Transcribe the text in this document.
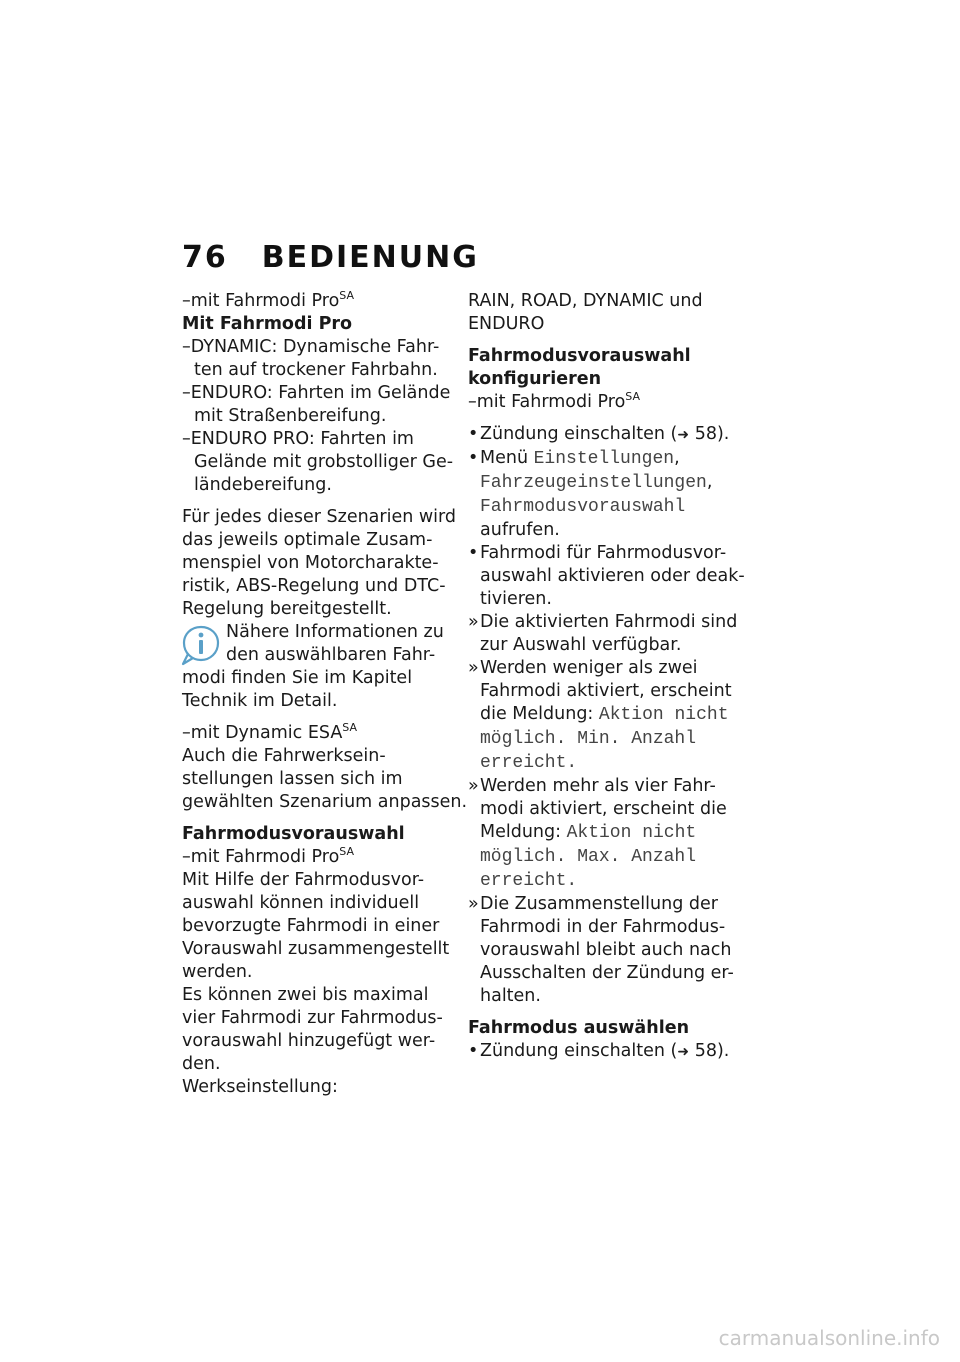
76 BEDIENUNG
–mit Fahrmodi Pro$^{SA}$
Mit Fahrmodi Pro
–DYNAMIC: Dynamische Fahr-
ten auf trockener Fahrbahn.
–ENDURO: Fahrten im Gelände
mit Straßenbereifung.
–ENDURO PRO: Fahrten im
Gelände mit grobstolliger Ge-
ländebereifung.
Für jedes dieser Szenarien wird
das jeweils optimale Zusam-
menspiel von Motorcharakte-
ristik, ABS-Regelung und DTC-
Regelung bereitgestellt.
Nähere Informationen zu
den auswählbaren Fahr-
modi finden Sie im Kapitel
Technik im Detail.
–mit Dynamic $ESA^{SA}$
Auch die Fahrwerksein-
stellungen lassen sich im
gewählten Szenarium anpassen.
Fahrmodusvorauswahl
–mit Fahrmodi Pro$^{SA}$
Mit Hilfe der Fahrmodusvor-
auswahl können individuell
bevorzugte Fahrmodi in einer
Vorauswahl zusammengestellt
werden.
Es können zwei bis maximal
vier Fahrmodi zur Fahrmodus-
vorauswahl hinzugefügt wer-
den.
Werkseinstellung:
RAIN, ROAD, DYNAMIC und
ENDURO
Fahrmodusvorauswahl
konfigurieren
–mit Fahrmodi Pro$^{SA}$
• Zündung einschalten (➜ 58).
• Menü Einstellungen,
Fahrzeugeinstellungen,
Fahrmodusvorauswahl
aufrufen.
• Fahrmodi für Fahrmodusvor-
auswahl aktivieren oder deak-
tivieren.
» Die aktivierten Fahrmodi sind
zur Auswahl verfügbar.
» Werden weniger als zwei
Fahrmodi aktiviert, erscheint
die Meldung: Aktion nicht
möglich. Min. Anzahl
erreicht.
» Werden mehr als vier Fahr-
modi aktiviert, erscheint die
Meldung: Aktion nicht
möglich. Max. Anzahl
erreicht.
» Die Zusammenstellung der
Fahrmodi in der Fahrmodus-
vorauswahl bleibt auch nach
Ausschalten der Zündung er-
halten.
Fahrmodus auswählen
• Zündung einschalten (➜ 58).
carmanualsonline.info
